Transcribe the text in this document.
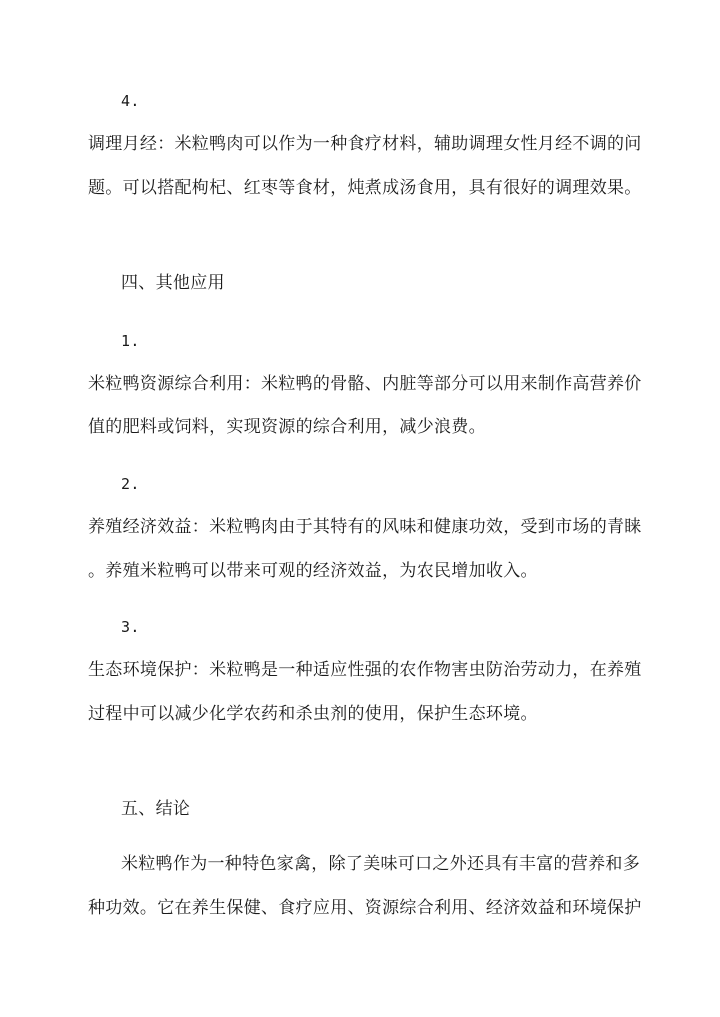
4.
调理月经：米粒鸭肉可以作为一种食疗材料，辅助调理女性月经不调的问
题。可以搭配枸杞、红枣等食材，炖煮成汤食用，具有很好的调理效果。
四、其他应用
1.
米粒鸭资源综合利用：米粒鸭的骨骼、内脏等部分可以用来制作高营养价
值的肥料或饲料，实现资源的综合利用，减少浪费。
2.
养殖经济效益：米粒鸭肉由于其特有的风味和健康功效，受到市场的青睐
。养殖米粒鸭可以带来可观的经济效益，为农民增加收入。
3.
生态环境保护：米粒鸭是一种适应性强的农作物害虫防治劳动力，在养殖
过程中可以减少化学农药和杀虫剂的使用，保护生态环境。
五、结论
米粒鸭作为一种特色家禽，除了美味可口之外还具有丰富的营养和多
种功效。它在养生保健、食疗应用、资源综合利用、经济效益和环境保护
